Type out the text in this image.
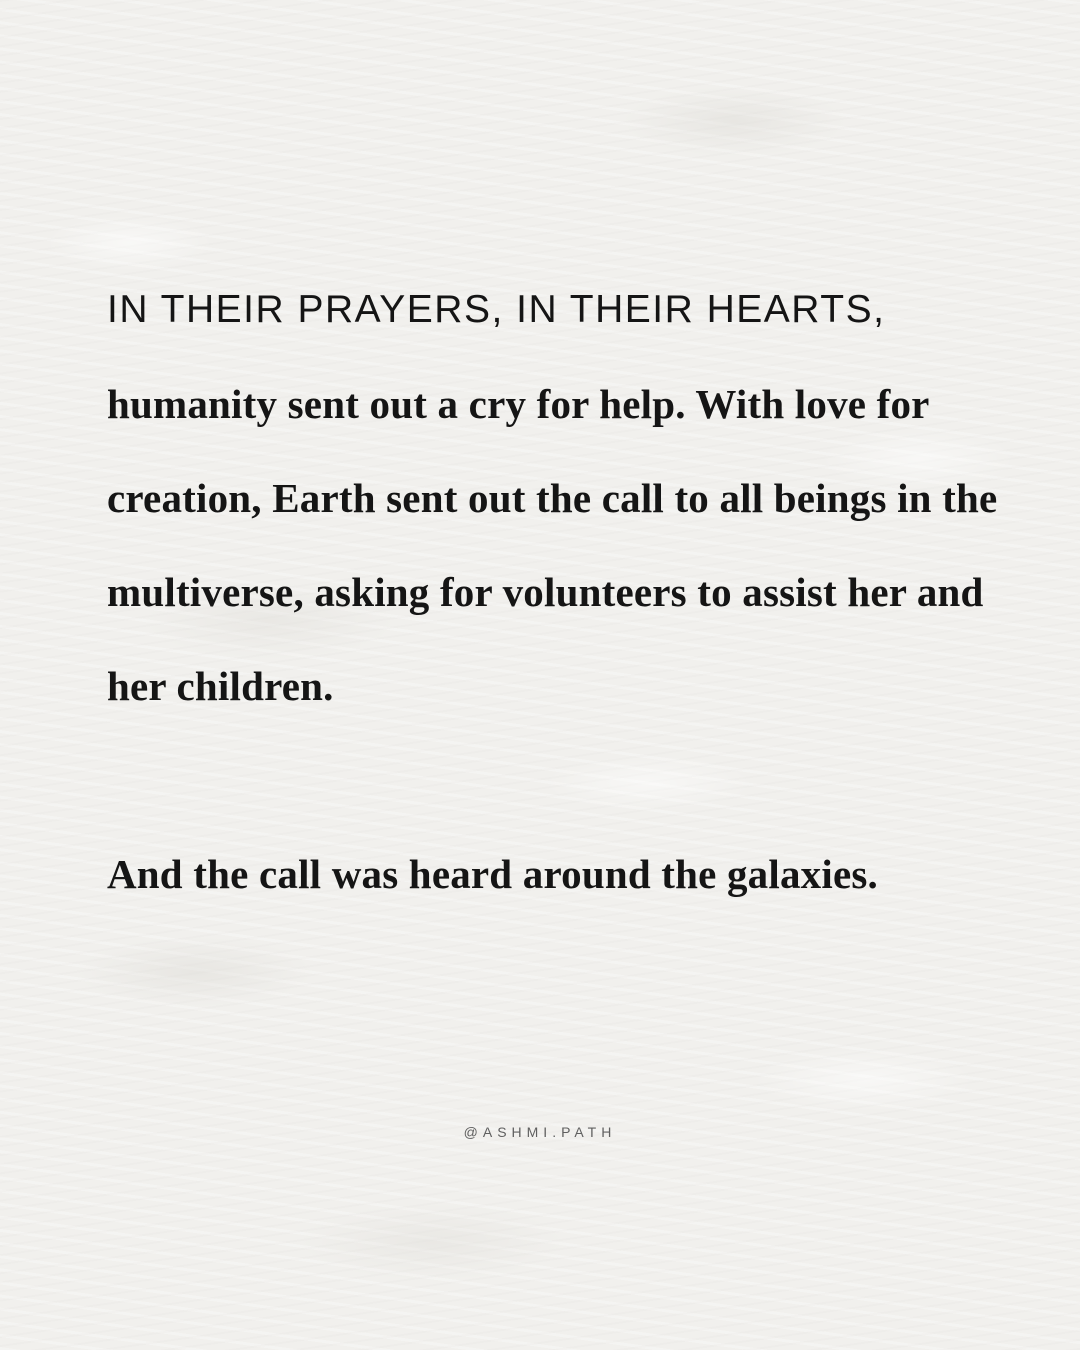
IN THEIR PRAYERS, IN THEIR HEARTS, humanity sent out a cry for help. With love for creation, Earth sent out the call to all beings in the multiverse, asking for volunteers to assist her and her children.

And the call was heard around the galaxies.

@ASHMI.PATH
